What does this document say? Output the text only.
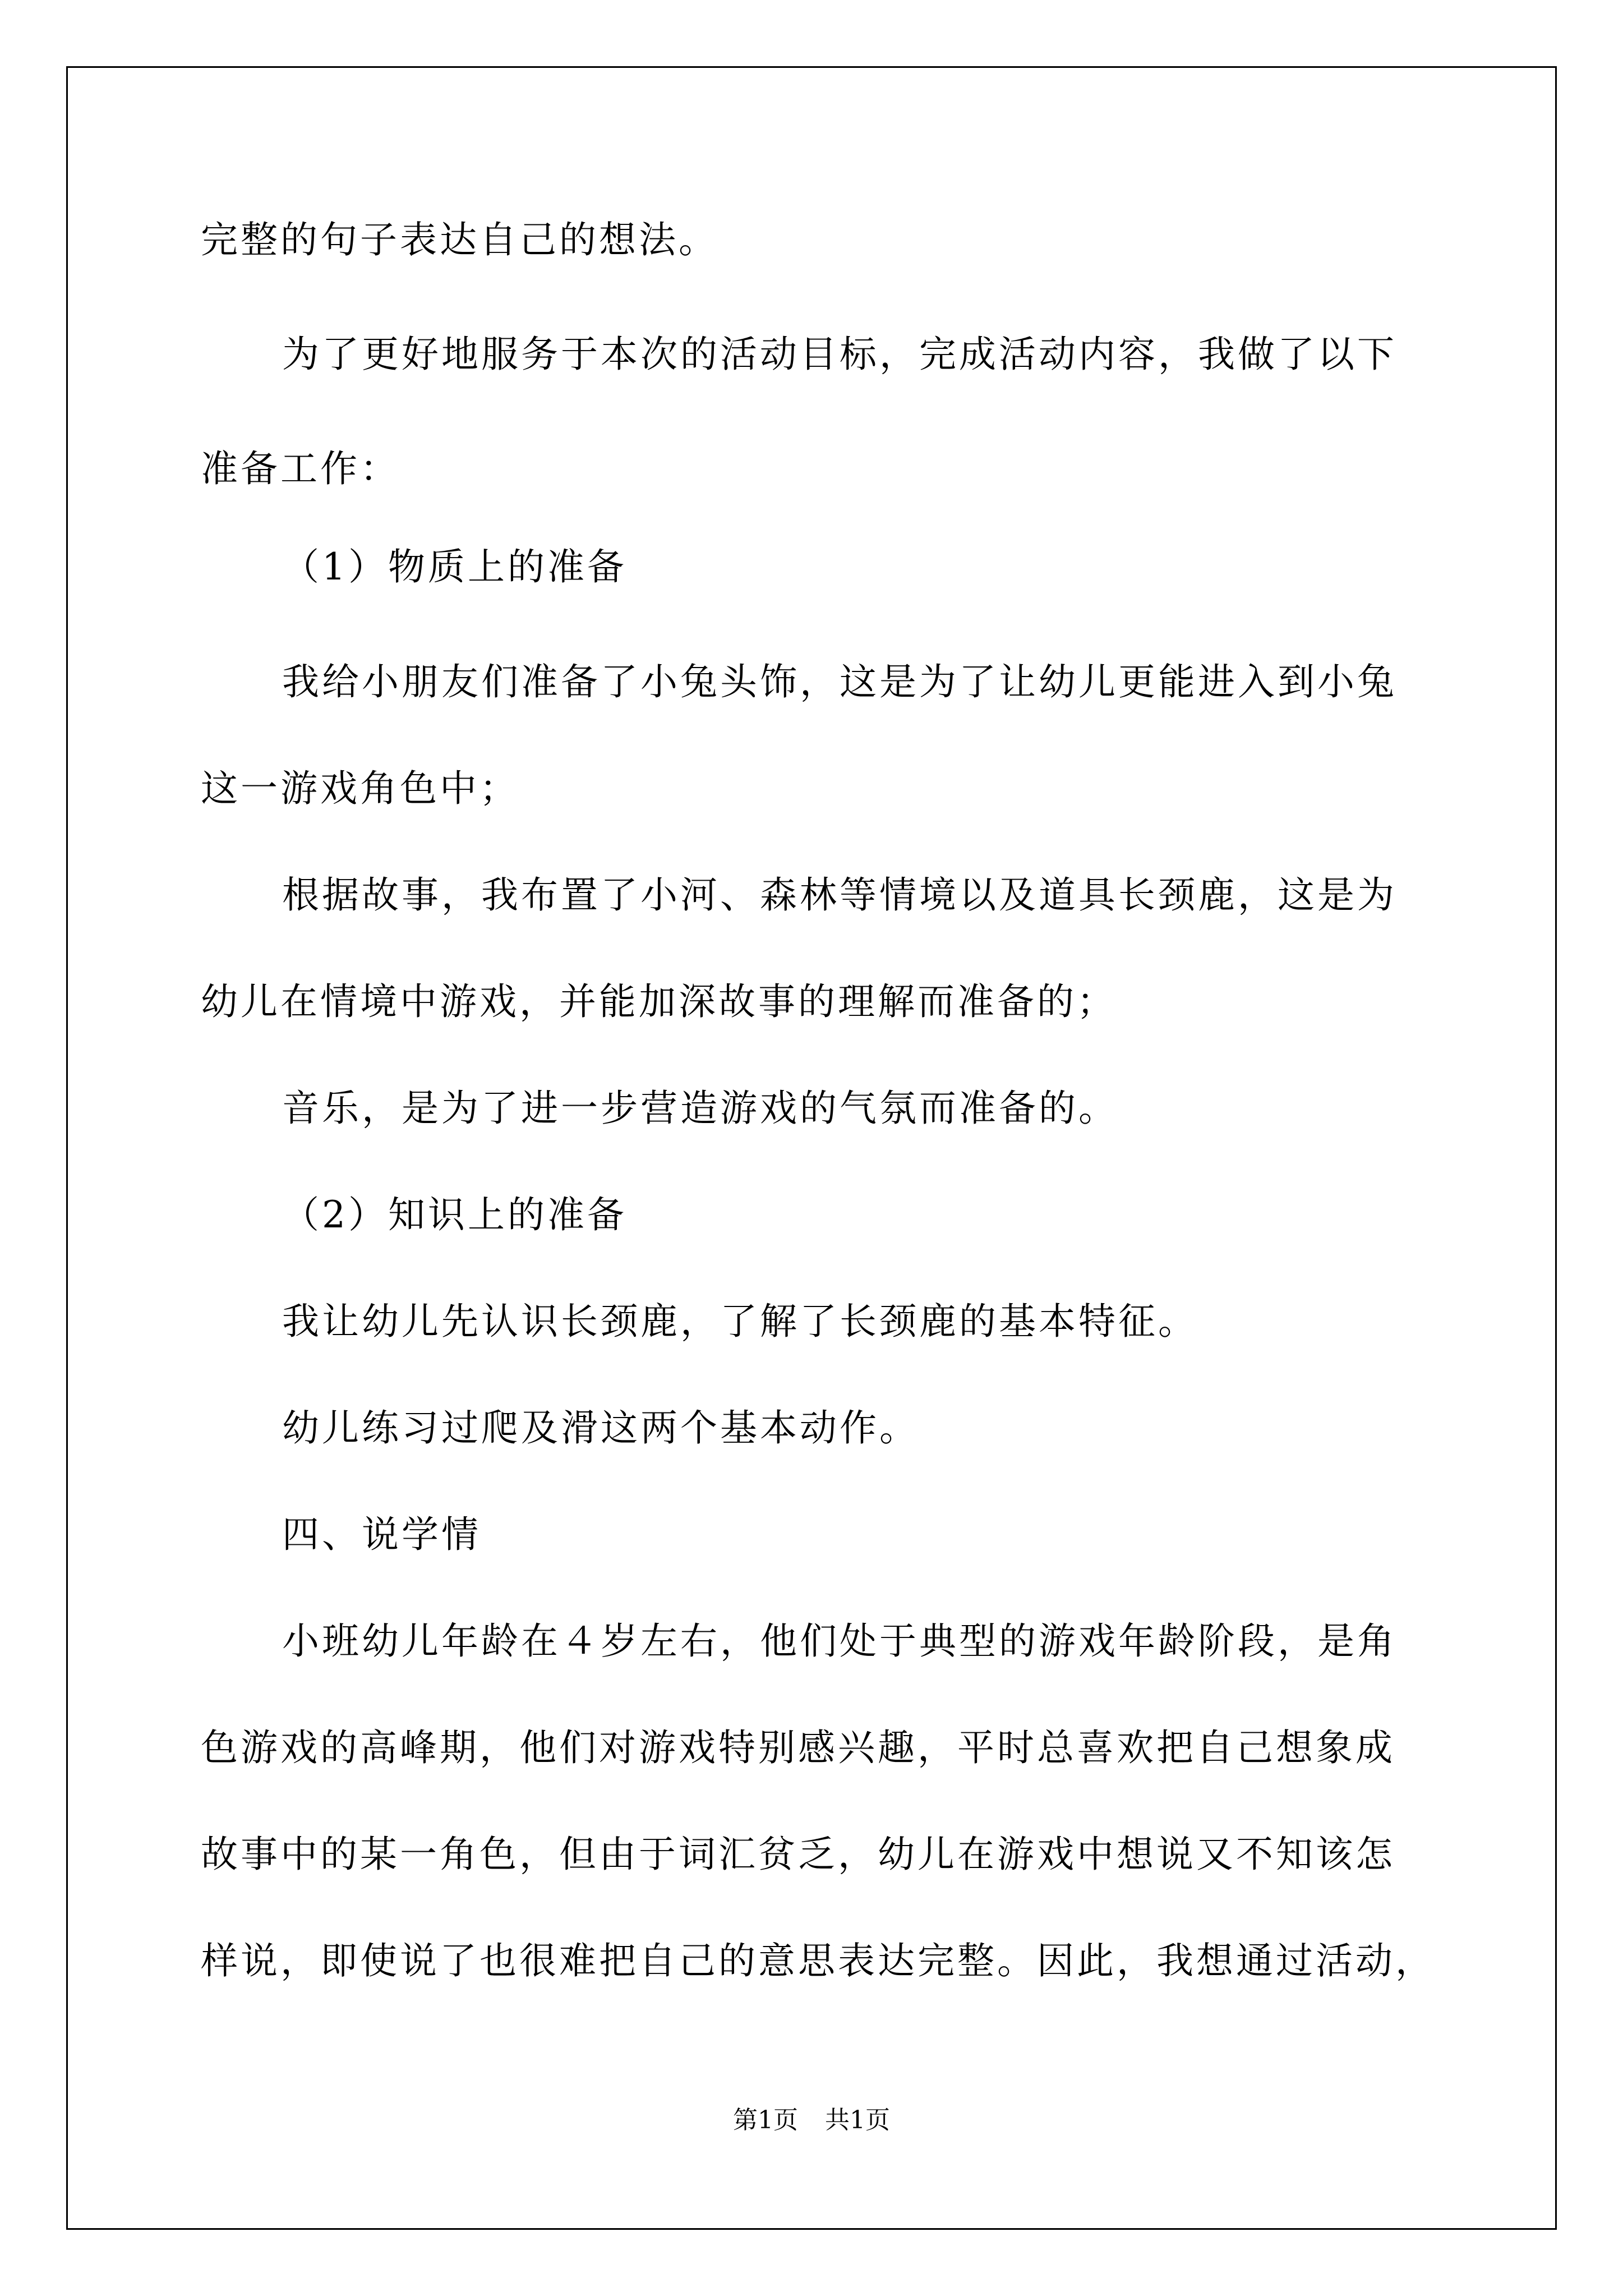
完整的句子表达自己的想法。
为了更好地服务于本次的活动目标，完成活动内容，我做了以下
准备工作：
（1）物质上的准备
我给小朋友们准备了小兔头饰，这是为了让幼儿更能进入到小兔
这一游戏角色中；
根据故事，我布置了小河、森林等情境以及道具长颈鹿，这是为
幼儿在情境中游戏，并能加深故事的理解而准备的；
音乐，是为了进一步营造游戏的气氛而准备的。
（2）知识上的准备
我让幼儿先认识长颈鹿，了解了长颈鹿的基本特征。
幼儿练习过爬及滑这两个基本动作。
四、说学情
小班幼儿年龄在４岁左右，他们处于典型的游戏年龄阶段，是角
色游戏的高峰期，他们对游戏特别感兴趣，平时总喜欢把自己想象成
故事中的某一角色，但由于词汇贫乏，幼儿在游戏中想说又不知该怎
样说，即使说了也很难把自己的意思表达完整。因此，我想通过活动，
第1页 共1页
